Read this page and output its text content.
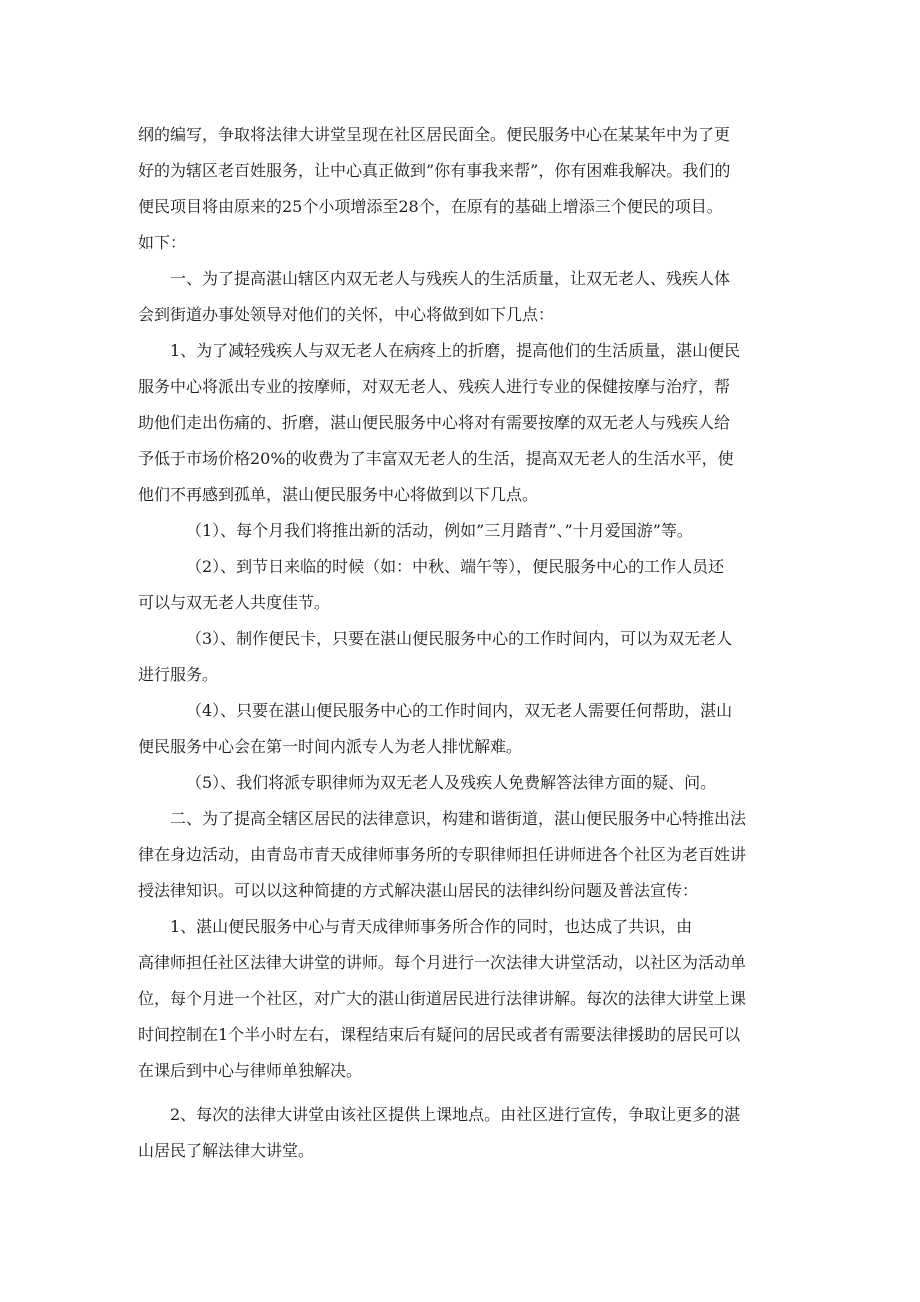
纲的编写，争取将法律大讲堂呈现在社区居民面全。便民服务中心在某某年中为了更
好的为辖区老百姓服务，让中心真正做到”你有事我来帮”，你有困难我解决。我们的
便民项目将由原来的25个小项增添至28个，在原有的基础上增添三个便民的项目。
如下：
一、为了提高湛山辖区内双无老人与残疾人的生活质量，让双无老人、残疾人体
会到街道办事处领导对他们的关怀，中心将做到如下几点：
1、为了减轻残疾人与双无老人在病疼上的折磨，提高他们的生活质量，湛山便民
服务中心将派出专业的按摩师，对双无老人、残疾人进行专业的保健按摩与治疗，帮
助他们走出伤痛的、折磨，湛山便民服务中心将对有需要按摩的双无老人与残疾人给
予低于市场价格20%的收费为了丰富双无老人的生活，提高双无老人的生活水平，使
他们不再感到孤单，湛山便民服务中心将做到以下几点。
（1）、每个月我们将推出新的活动，例如”三月踏青”、”十月爱国游”等。
（2）、到节日来临的时候（如：中秋、端午等），便民服务中心的工作人员还
可以与双无老人共度佳节。
（3）、制作便民卡，只要在湛山便民服务中心的工作时间内，可以为双无老人
进行服务。
（4）、只要在湛山便民服务中心的工作时间内，双无老人需要任何帮助，湛山
便民服务中心会在第一时间内派专人为老人排忧解难。
（5）、我们将派专职律师为双无老人及残疾人免费解答法律方面的疑、问。
二、为了提高全辖区居民的法律意识，构建和谐街道，湛山便民服务中心特推出法
律在身边活动，由青岛市青天成律师事务所的专职律师担任讲师进各个社区为老百姓讲
授法律知识。可以以这种简捷的方式解决湛山居民的法律纠纷问题及普法宣传：
1、湛山便民服务中心与青天成律师事务所合作的同时，也达成了共识，由
高律师担任社区法律大讲堂的讲师。每个月进行一次法律大讲堂活动，以社区为活动单
位，每个月进一个社区，对广大的湛山街道居民进行法律讲解。每次的法律大讲堂上课
时间控制在1个半小时左右，课程结束后有疑问的居民或者有需要法律援助的居民可以
在课后到中心与律师单独解决。
2、每次的法律大讲堂由该社区提供上课地点。由社区进行宣传，争取让更多的湛
山居民了解法律大讲堂。
